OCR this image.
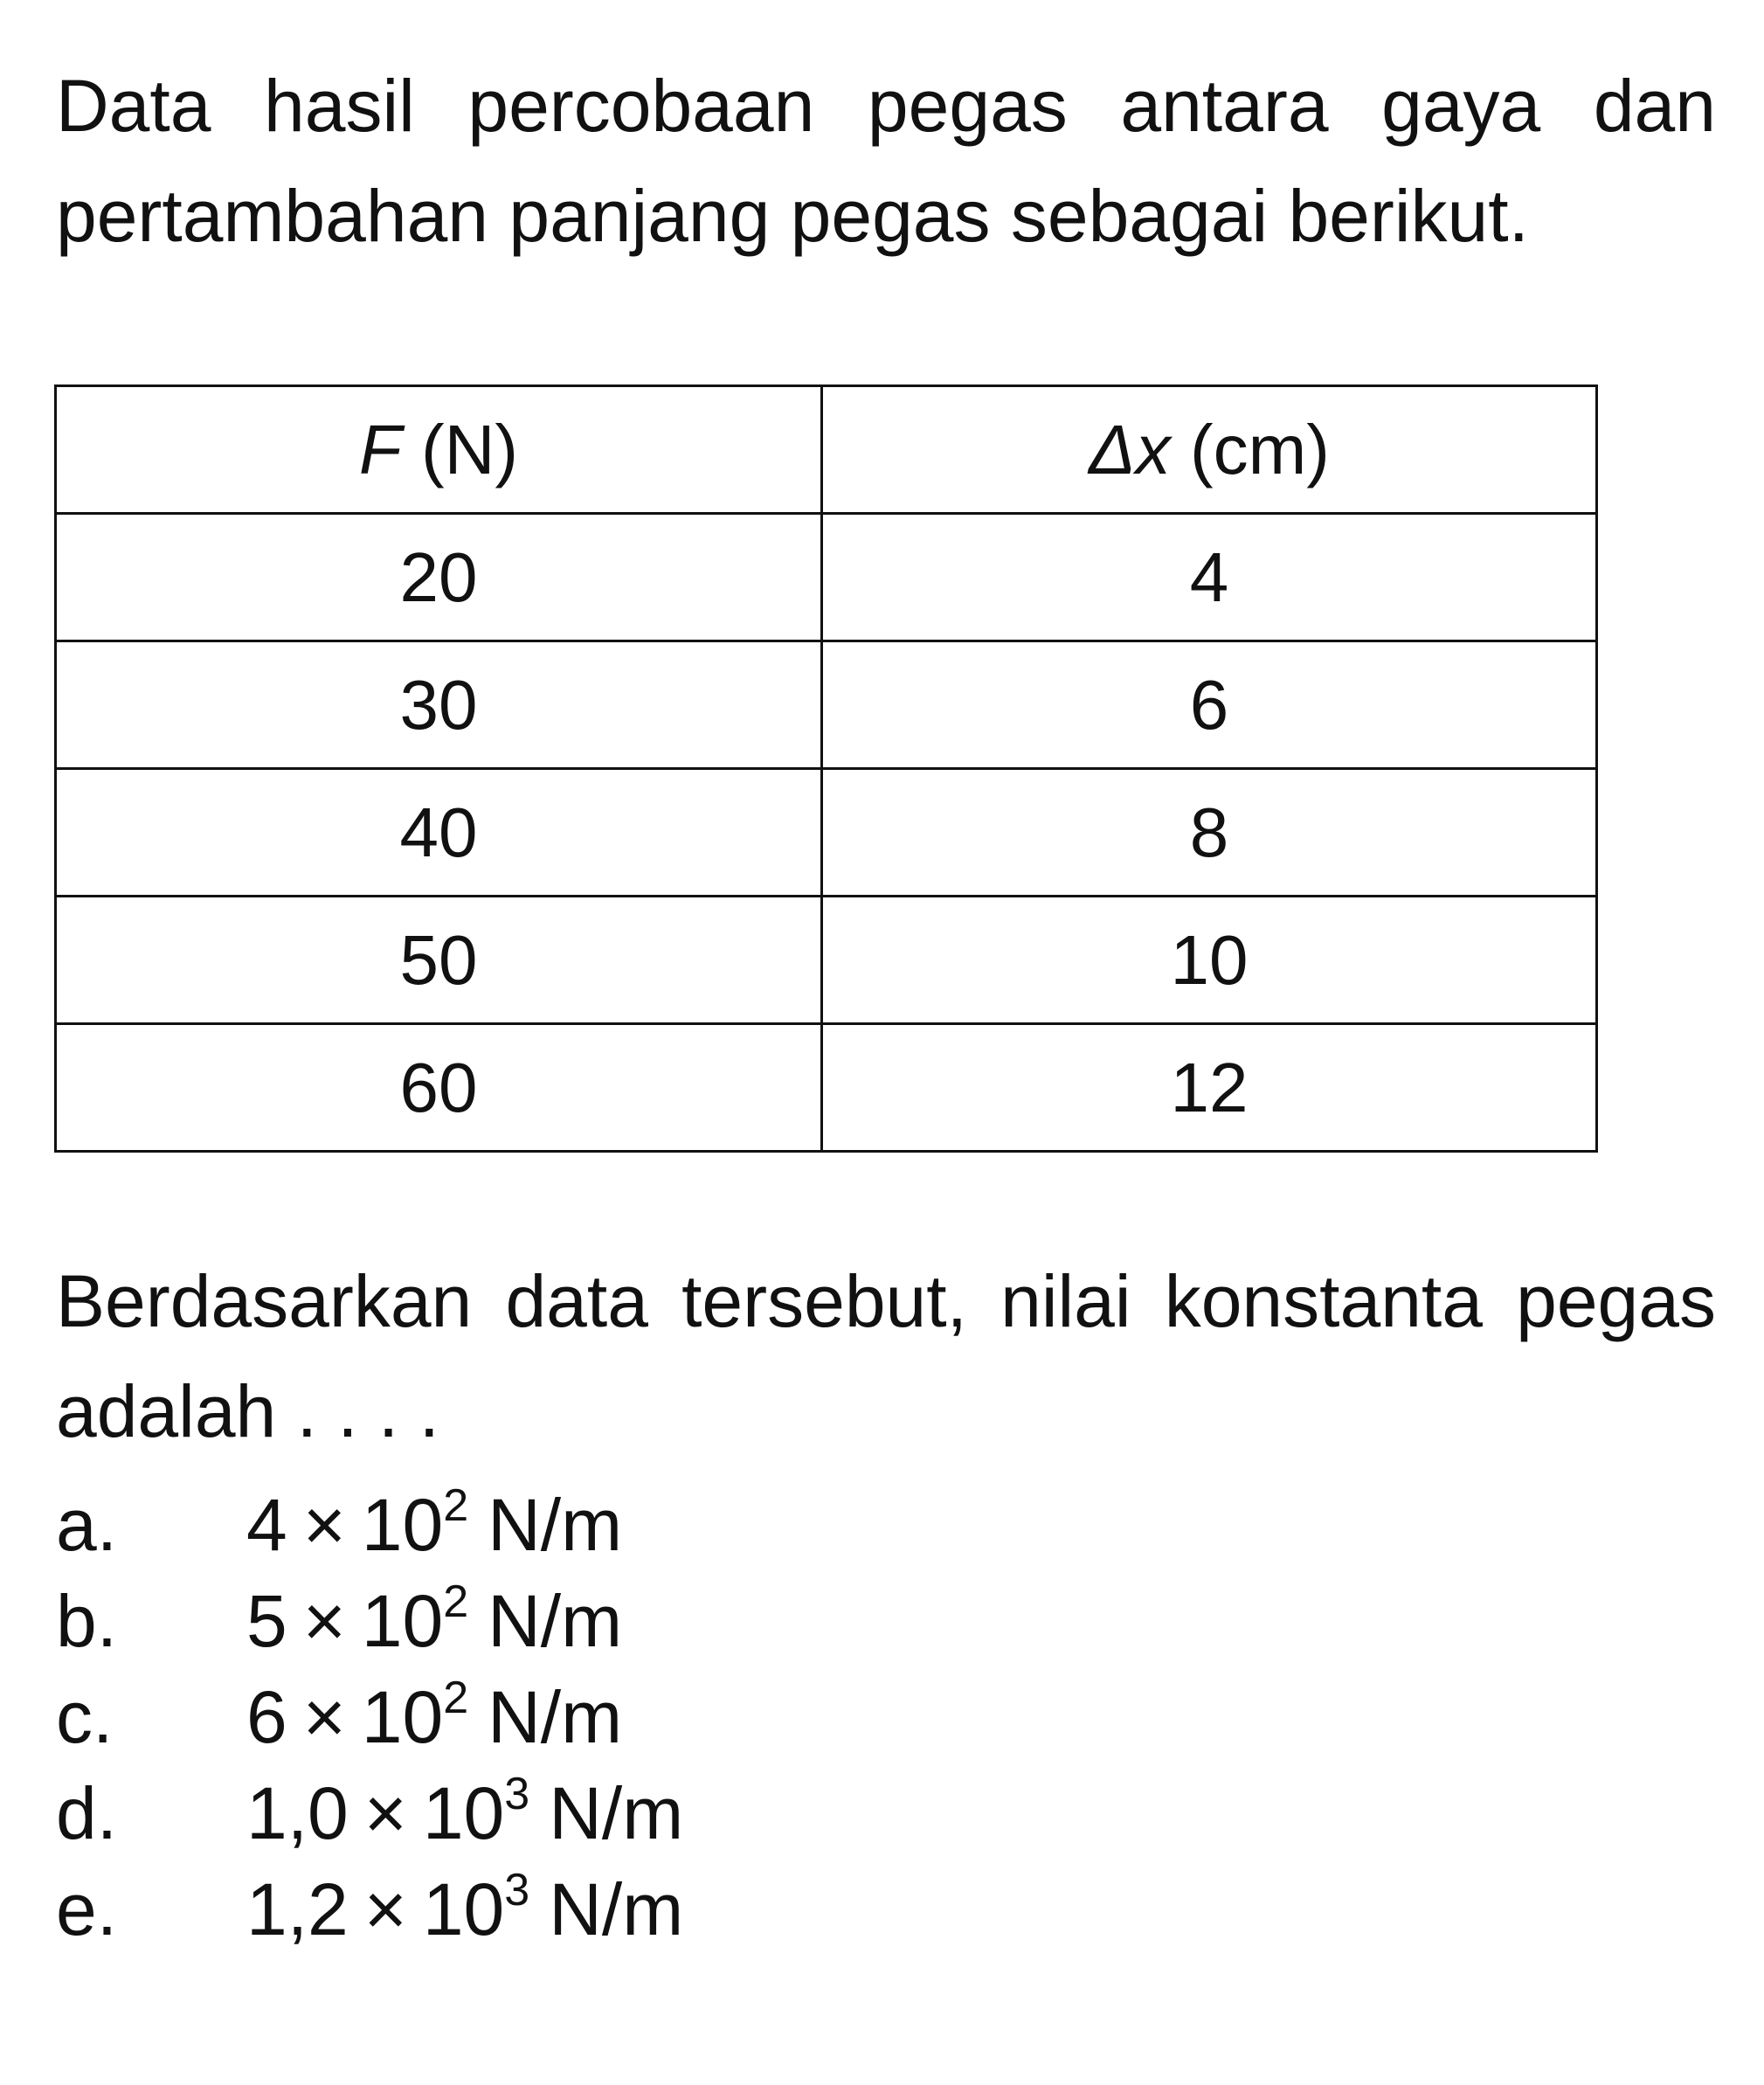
Data hasil percobaan pegas antara gaya dan pertambahan panjang pegas sebagai berikut.

F (N)	Δx (cm)
20	4
30	6
40	8
50	10
60	12

Berdasarkan data tersebut, nilai konstanta pegas adalah . . . .

a. $4 \times 10^2$ N/m
b. $5 \times 10^2$ N/m
c. $6 \times 10^2$ N/m
d. $1,0 \times 10^3$ N/m
e. $1,2 \times 10^3$ N/m
